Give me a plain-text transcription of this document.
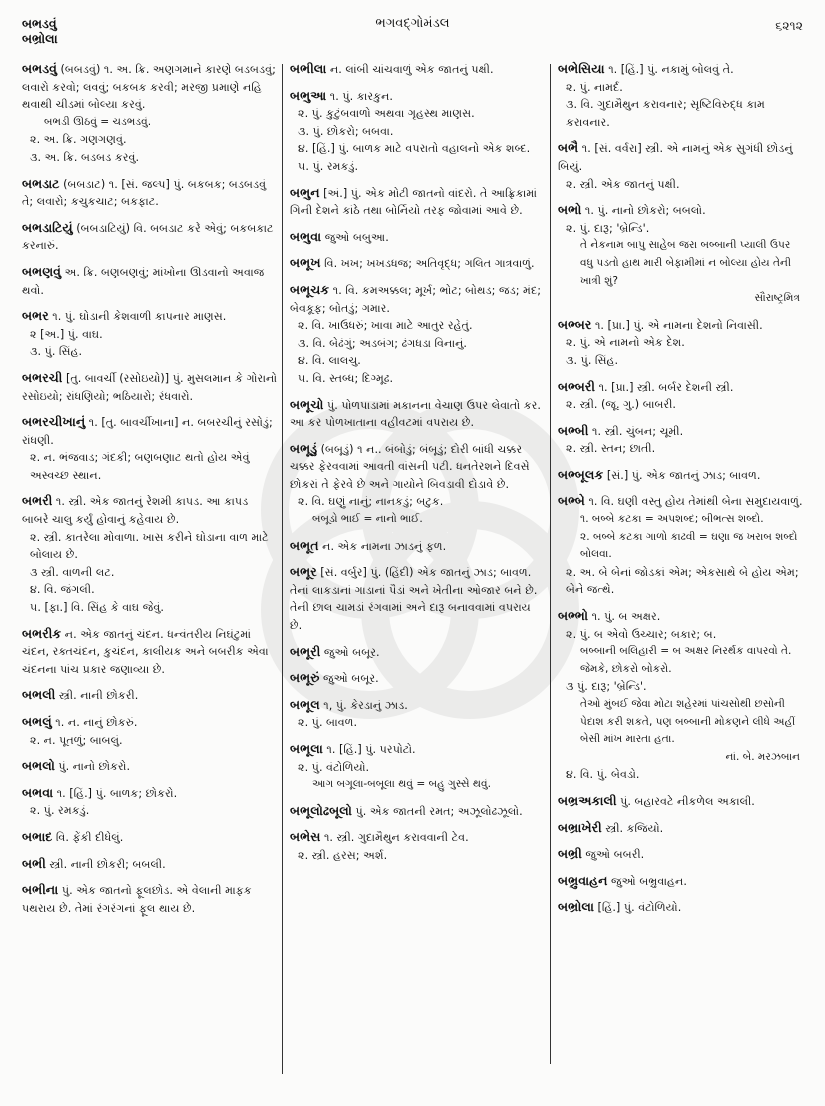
બભડવું
બભ્રોલા
ભગવદ્ગોમંડલ	૬૨૧૨
બભડવું (બબડવું) ૧. અ. ક્રિ. અણગમાને કારણે બડબડવું; લવારો કરવો; લવવું; બકબક કરવી; મરજી પ્રમાણે નહિ થવાથી ચીડમાં બોલ્યા કરવું.
બભડી ઊઠવું = ચડભડવું.
૨. અ. ક્રિ. ગણગણવું.
૩. અ. ક્રિ. બડબડ કરવું.
બભડાટ (બબડાટ) ૧. [સં. જલ્પ] પું. બકબક; બડબડવું તે; લવારો; કચુકચાટ; બકફાટ.
બભડાટિયું (બબડાટિયું) વિ. બબડાટ કરે એવું; બકબકાટ કરનારું.
બભણવું અ. ક્રિ. બણબણવું; માંખોના ઊડવાનો અવાજ થવો.
બભર ૧. પું. ઘોડાની કેશવાળી કાપનાર માણસ.
૨ [અ.] પું. વાઘ.
૩. પું. સિંહ.
બભરચી [તુ. બાવર્ચી (રસોઇયો)] પું. મુસલમાન કે ગોરાનો રસોઇયો; રાંધણિયો; ભઠિયારો; રંધવારો.
બભરચીખાનું ૧. [તુ. બાવર્ચીખાના] ન. બબરચીનું રસોડું; રાંધણી.
૨. ન. ભંજવાડ; ગંદકી; બણબણાટ થતો હોય એવું અસ્વચ્છ સ્થાન.
બભરી ૧. સ્ત્રી. એક જાતનું રેશમી કાપડ. આ કાપડ બાબરે ચાલુ કર્યું હોવાનું કહેવાય છે.
૨. સ્ત્રી. કાતરેલા મોવાળા. ખાસ કરીને ઘોડાના વાળ માટે બોલાય છે.
૩ સ્ત્રી. વાળની લટ.
૪. વિ. જંગલી.
૫. [ફા.] વિ. સિંહ કે વાઘ જેવું.
બભરીક ન. એક જાતનું ચંદન. ધન્વંતરીય નિઘંટુમાં ચંદન, રક્તચંદન, કુચંદન, કાલીયક અને બબરીક એવા ચંદનના પાંચ પ્રકાર જણાવ્યા છે.
બભલી સ્ત્રી. નાની છોકરી.
બભલું ૧. ન. નાનું છોકરું.
૨. ન. પૂતળું; બાબલું.
બભલો પું. નાનો છોકરો.
બભવા ૧. [હિં.] પું. બાળક; છોકરો.
૨. પું. રમકડું.
બભાદ વિ. ફેંકી દીધેલું.
બભી સ્ત્રી. નાની છોકરી; બબલી.
બભીના પું. એક જાતનો ફૂલછોડ. એ વેલાની માફક પથરાય છે. તેમાં રંગરંગનાં ફૂલ થાય છે.
બભીલા ન. લાંબી ચાંચવાળું એક જાતનું પક્ષી.
બભુઆ ૧. પું. કારકુન.
૨. પું. કુટુંબવાળો અથવા ગૃહસ્થ માણસ.
૩. પું. છોકરો; બબવા.
૪. [હિં.] પું. બાળક માટે વપરાતો વહાલનો એક શબ્દ.
૫. પું. રમકડું.
બભુન [અં.] પું. એક મોટી જાતનો વાંદરો. તે આફ્રિકામાં ગિની દેશને કાંઠે તથા બોર્નિયો તરફ જોવામાં આવે છે.
બભુવા જુઓ બબુઆ.
બભૂખ વિ. ખખ; ખખડધજ; અતિવૃદ્ધ; ગલિત ગાત્રવાળું.
બભૂચક ૧. વિ. કમઅક્કલ; મૂર્ખ; ભોટ; બોથડ; જડ; મંદ; બેવકૂફ; બોતડું; ગમાર.
૨. વિ. ખાઉધરું; ખાવા માટે આતુર રહેતું.
૩. વિ. બેઢંગું; અડબંગ; ઢંગધડા વિનાનું.
૪. વિ. લાલચુ.
૫. વિ. સ્તબ્ધ; દિગ્મૂઢ.
બભૂચો પું. પોળપાડામાં મકાનના વેચાણ ઉપર લેવાતો કર. આ કર પોળખાતાના વહીવટમાં વપરાય છે.
બભૂડું (બબૂડું) ૧ ન.. બંબોડું; બંબૂડું; દોરી બાંધી ચક્કર ચક્કર ફેરવવામાં આવતી વાંસની પટી. ધનતેરશને દિવસે છોકરાં તે ફેરવે છે અને ગાયોને બિવડાવી દોડાવે છે.
૨. વિ. ઘણું નાનું; નાનકડું; બટુક.
બબૂડો ભાઈ = નાનો ભાઈ.
બભૂત ન. એક નામના ઝાડનું ફળ.
બભૂર [સં. વર્બુર] પું. (હિંદી) એક જાતનું ઝાડ; બાવળ. તેનાં લાકડાનાં ગાડાનાં પૈડાં અને ખેતીના ઓજાર બને છે. તેની છાલ ચામડાં રંગવામાં અને દારૂ બનાવવામાં વપરાય છે.
બભૂરી જુઓ બબૂર.
બભૂરું જુઓ બબૂર.
બભૂલ ૧, પું. કેરડાનું ઝાડ.
૨. પું. બાવળ.
બભૂલા ૧. [હિં.] પું. પરપોટો.
૨. પું. વંટોળિયો.
આગ બગૂલા-બબૂલા થવું = બહુ ગુસ્સે થવું.
બભૂલોઢબૂલો પું. એક જાતની રમત; અઝૂલોઢઝૂલો.
બભેસ ૧. સ્ત્રી. ગુદામૈથુન કરાવવાની ટેવ.
૨. સ્ત્રી. હરસ; અર્શ.
બભેસિયા ૧. [હિં.] પું. નકામું બોલવું તે.
૨. પું. નામર્દ.
૩. વિ. ગુદામૈથુન કરાવનાર; સૃષ્ટિવિરુદ્ધ કામ કરાવનાર.
બભૈ ૧. [સં. વર્વરા] સ્ત્રી. એ નામનું એક સુગંધી છોડનું બિયું.
૨. સ્ત્રી. એક જાતનું પક્ષી.
બભો ૧. પું. નાનો છોકરો; બબલો.
૨. પું. દારૂ; 'બ્રેન્ડિ'.
તે નેકનામ બાપુ સાહેબ જરા બબ્બાની પ્યાલી ઉપર વધુ પડતો હાથ મારી બેફામીમાં ન બોલ્યા હોય તેની ખાત્રી શું?
સૌરાષ્ટ્રમિત્ર
બભ્બર ૧. [પ્રા.] પું. એ નામના દેશનો નિવાસી.
૨. પું. એ નામનો એક દેશ.
૩. પું. સિંહ.
બભ્બરી ૧. [પ્રા.] સ્ત્રી. બર્બર દેશની સ્ત્રી.
૨. સ્ત્રી. (જૂ. ગુ.) બાબરી.
બભ્બી ૧. સ્ત્રી. ચુંબન; ચૂમી.
૨. સ્ત્રી. સ્તન; છાતી.
બભ્બૂલક [સં.] પું. એક જાતનું ઝાડ; બાવળ.
બભ્બે ૧. વિ. ઘણી વસ્તુ હોય તેમાંથી બેના સમુદાયવાળું.
૧. બબ્બે કટકા = અપશબ્દ; બીભત્સ શબ્દો.
૨. બબ્બે કટકા ગાળો કાઢવી = ઘણા જ ખરાબ શબ્દો બોલવા.
૨. અ. બે બેનાં જોડકાં એમ; એકસાથે બે હોય એમ; બેને જત્થે.
બભ્ભો ૧. પું. બ અક્ષર.
૨. પું. બ એવો ઉચ્ચાર; બકાર; બ.
બબ્બાની બલિહારી = બ અક્ષર નિરર્થક વાપરવો તે. જેમકે, છોકરો બોકરો.
૩ પું. દારૂ; 'બ્રેન્ડિ'.
તેઓ મુંબઈ જેવા મોટા શહેરમાં પાંચસોથી છસોની પેદાશ કરી શકતે, પણ બબ્બાની મોકણને લીધે અહીં બેસી માંખ મારતા હતા.
નાં. બે. મરઝબાન
૪. વિ. પું. બેવડો.
બભ્રઅકાલી પું. બહારવટે નીકળેલ અકાલી.
બભ્રાખેરી સ્ત્રી. કજિયો.
બભ્રી જુઓ બબરી.
બભ્રુવાહન જુઓ બભ્રુવાહન.
બભ્રોલા [હિં.] પું. વંટોળિયો.
